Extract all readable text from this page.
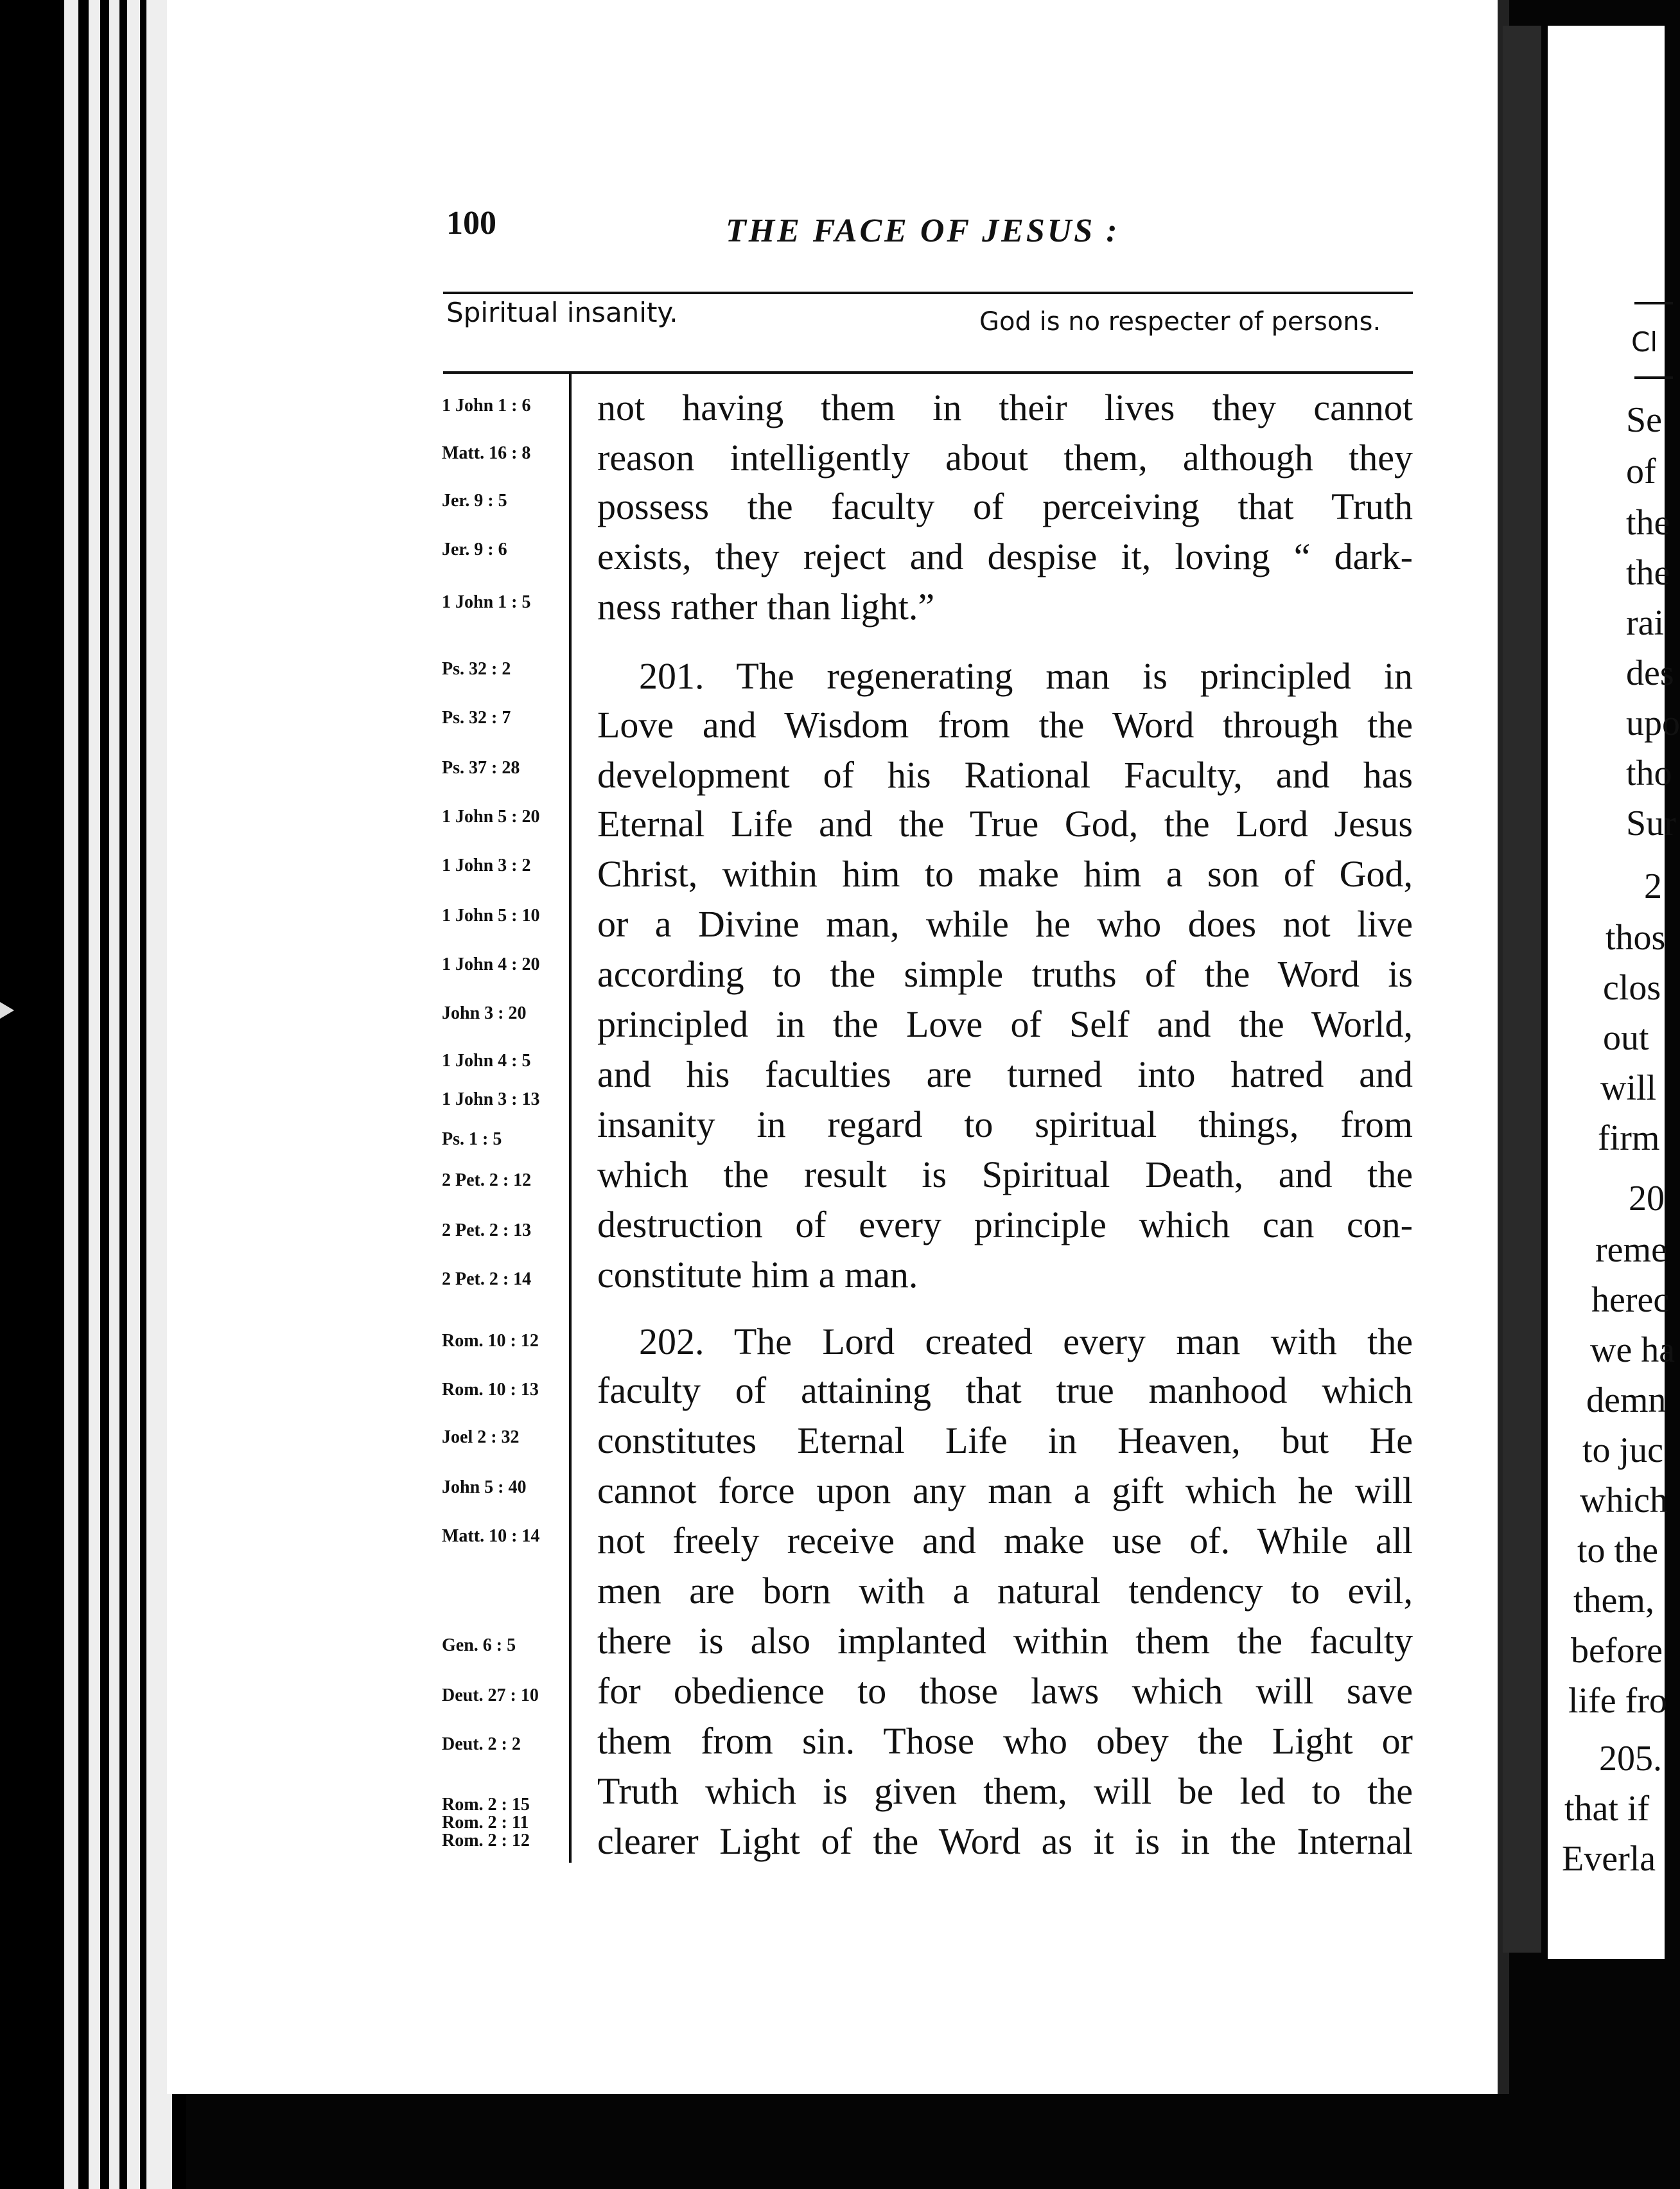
100	THE FACE OF JESUS :
Spiritual insanity.	God is no respecter of persons.
1 John 1 : 6
Matt. 16 : 8
Jer. 9 : 5
Jer. 9 : 6
1 John 1 : 5
Ps. 32 : 2
Ps. 32 : 7
Ps. 37 : 28
1 John 5 : 20
1 John 3 : 2
1 John 5 : 10
1 John 4 : 20
John 3 : 20
1 John 4 : 5
1 John 3 : 13
Ps. 1 : 5
2 Pet. 2 : 12
2 Pet. 2 : 13
2 Pet. 2 : 14
Rom. 10 : 12
Rom. 10 : 13
Joel 2 : 32
John 5 : 40
Matt. 10 : 14
Gen. 6 : 5
Deut. 27 : 10
Deut. 2 : 2
Rom. 2 : 15
Rom. 2 : 11
Rom. 2 : 12
not having them in their lives they cannot
reason intelligently about them, although they
possess the faculty of perceiving that Truth
exists, they reject and despise it, loving “ dark-
ness rather than light.”
201. The regenerating man is principled in
Love and Wisdom from the Word through the
development of his Rational Faculty, and has
Eternal Life and the True God, the Lord Jesus
Christ, within him to make him a son of God,
or a Divine man, while he who does not live
according to the simple truths of the Word is
principled in the Love of Self and the World,
and his faculties are turned into hatred and
insanity in regard to spiritual things, from
which the result is Spiritual Death, and the
destruction of every principle which can con-
constitute him a man.
202. The Lord created every man with the
faculty of attaining that true manhood which
constitutes Eternal Life in Heaven, but He
cannot force upon any man a gift which he will
not freely receive and make use of. While all
men are born with a natural tendency to evil,
there is also implanted within them the faculty
for obedience to those laws which will save
them from sin. Those who obey the Light or
Truth which is given them, will be led to the
clearer Light of the Word as it is in the Internal
Cl
Se
of
the
the
rai
des
upo
tho
Sur
2
thos
clos
out
will
firm
20
reme
herec
we ha
demn
to juc
which
to the
them,
before
life fro
205.
that if
Everla
